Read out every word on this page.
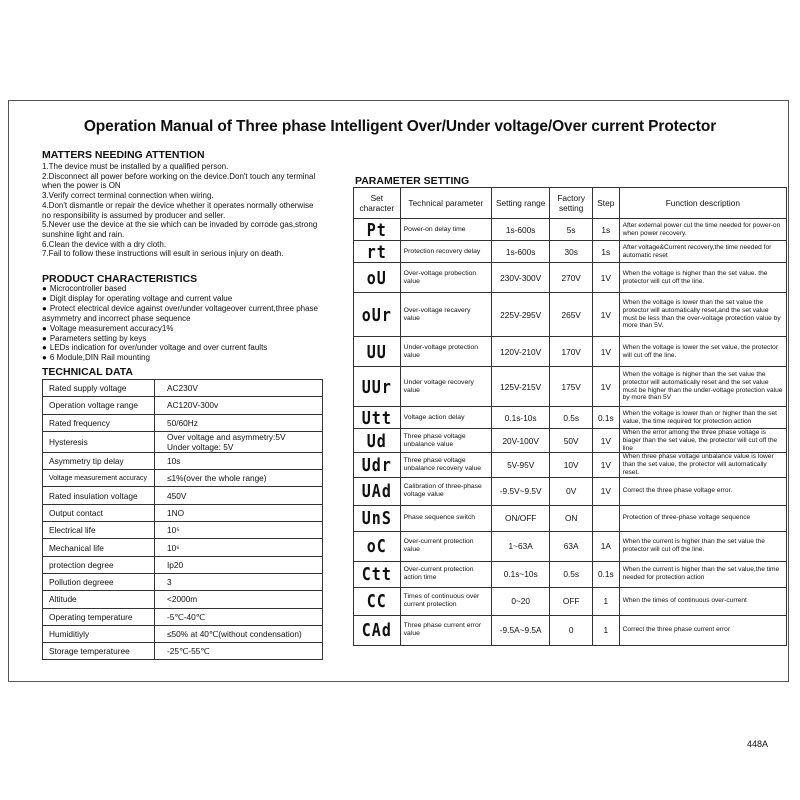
Operation Manual of Three phase Intelligent Over/Under voltage/Over current Protector
MATTERS NEEDING ATTENTION
1.The device must be installed by a qualified person.
2.Disconnect all power before working on the device.Don't touch any terminal when the power is ON
3.Verify correct terminal connection when wiring.
4.Don't dismantle or repair the device whether it operates normally otherwise no responsibility is assumed by producer and seller.
5.Never use the device at the sie which can be invaded by corrode gas,strong sunshine light and rain.
6.Clean the device with a dry cloth.
7.Fail to follow these instructions will esult in serious injury on death.
PRODUCT CHARACTERISTICS
● Microcontroller based
● Digit display for operating voltage and current value
● Protect electrical device against over/under voltageover current,three phase asymmetry and incorrect phase sequence
● Voltage measurement accuracy1%
● Parameters setting by keys
● LEDs indication for over/under voltage and over current faults
● 6 Module,DIN Rail mounting
TECHNICAL DATA
Rated supply voltage	AC230V
Operation voltage range	AC120V-300v
Rated frequency	50/60Hz
Hysteresis	Over voltage and asymmetry:5V
Under voltage: 5V
Asymmetry tip delay	10s
Voltage measurement accuracy	≤1%(over the whole range)
Rated insulation voltage	450V
Output contact	1NO
Electrical life	10⁵
Mechanical life	10⁶
protection degree	Ip20
Pollution degreee	3
Altitude	<2000m
Operating temperature	-5℃-40℃
Humiditiyly	≤50% at 40℃(without condensation)
Storage temperaturee	-25℃-55℃
PARAMETER SETTING
Set character	Technical parameter	Setting range	Factory setting	Step	Function description
Pt	Power-on delay time	1s-600s	5s	1s	After external power cut the time needed for power-on when power recovery.
rt	Protection recovery delay	1s-600s	30s	1s	After voltage&Current recovery,the time needed for automatic reset
oU	Over-voltage probection value	230V-300V	270V	1V	When the voltage is higher than the set value. the protector will cut off the line.
oUr	Over-voltage recavery value	225V-295V	265V	1V	When the voltage is lower than the set value the protector will automatically reset,and the set value must be less than the over-voltage protection value by more than 5V.
UU	Under-voltage protection value	120V-210V	170V	1V	When the voltage is lower the set value, the protector will cut off the line.
UUr	Under voltage recovery value	125V-215V	175V	1V	When the voltage is higher than the set value the protector will automatically reset and the set value must be higher than the under-voltage protection value by more than 5V
Utt	Voltage action delay	0.1s-10s	0.5s	0.1s	When the voltage is lower than or higher than the set value, the time required for protection action
Ud	Three phase voltage unbalance value	20V-100V	50V	1V	When the error among the three phase voltage is biager than the set value, the protector will cut off the line
Udr	Three phase voltage unbalance recovery value	5V-95V	10V	1V	When three phase voltage unbalance value is lower than the set value, the protector will automatically reset.
UAd	Calibration of three-phase voltage value	-9.5V~9.5V	0V	1V	Correct the three phase voltage error.
UnS	Phase sequence switch	ON/OFF	ON		Protection of three-phase voltage sequence
oC	Over-current protection value	1~63A	63A	1A	When the current is higher than the set value the protector will cut off the line.
Ctt	Over-current protection action time	0.1s~10s	0.5s	0.1s	When the current is higher than the set value,the time needed for protection action
CC	Times of continuous over current protection	0~20	OFF	1	When the times of continuous over-current
CAd	Three phase current error value	-9.5A~9.5A	0	1	Correct the three phase current error
448A
